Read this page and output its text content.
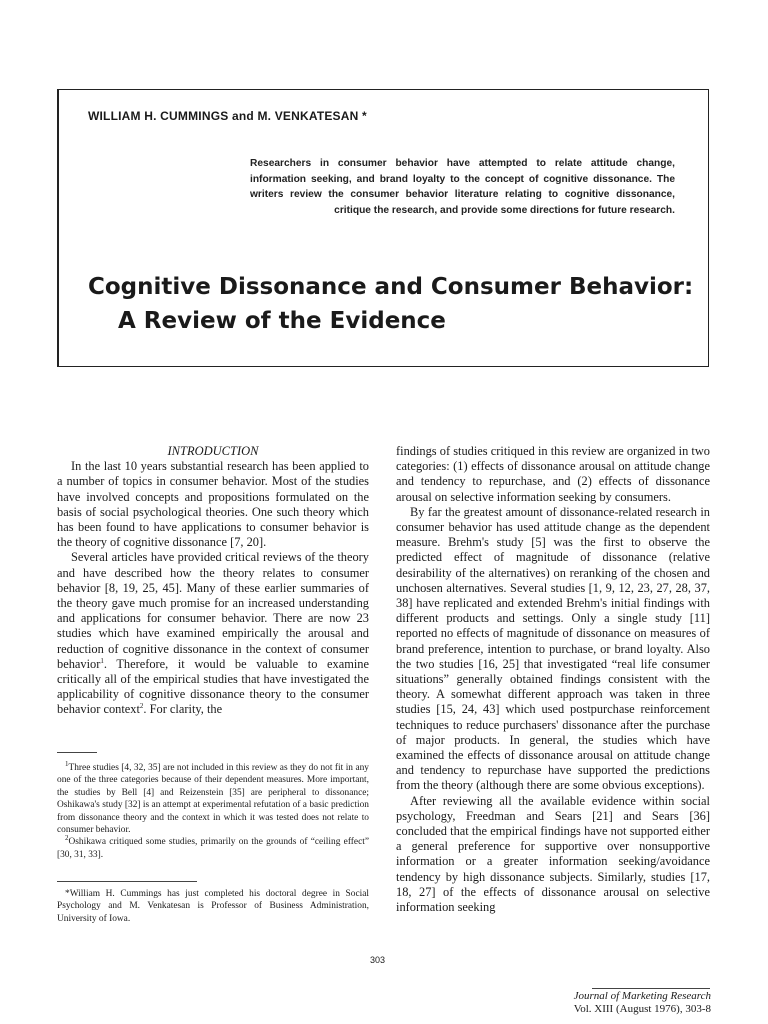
WILLIAM H. CUMMINGS and M. VENKATESAN *
Researchers in consumer behavior have attempted to relate attitude change, information seeking, and brand loyalty to the concept of cognitive dissonance. The writers review the consumer behavior literature relating to cognitive dissonance, critique the research, and provide some directions for future research.
Cognitive Dissonance and Consumer Behavior:
A Review of the Evidence

INTRODUCTION

In the last 10 years substantial research has been applied to a number of topics in consumer behavior. Most of the studies have involved concepts and propositions formulated on the basis of social psychological theories. One such theory which has been found to have applications to consumer behavior is the theory of cognitive dissonance [7, 20].

Several articles have provided critical reviews of the theory and have described how the theory relates to consumer behavior [8, 19, 25, 45]. Many of these earlier summaries of the theory gave much promise for an increased understanding and applications for consumer behavior. There are now 23 studies which have examined empirically the arousal and reduction of cognitive dissonance in the context of consumer behavior$^1$. Therefore, it would be valuable to examine critically all of the empirical studies that have investigated the applicability of cognitive dissonance theory to the consumer behavior context$^2$. For clarity, the

$^1$Three studies [4, 32, 35] are not included in this review as they do not fit in any one of the three categories because of their dependent measures. More important, the studies by Bell [4] and Reizenstein [35] are peripheral to dissonance; Oshikawa's study [32] is an attempt at experimental refutation of a basic prediction from dissonance theory and the context in which it was tested does not relate to consumer behavior.

$^2$Oshikawa critiqued some studies, primarily on the grounds of “ceiling effect” [30, 31, 33].

*William H. Cummings has just completed his doctoral degree in Social Psychology and M. Venkatesan is Professor of Business Administration, University of Iowa.

findings of studies critiqued in this review are organized in two categories: (1) effects of dissonance arousal on attitude change and tendency to repurchase, and (2) effects of dissonance arousal on selective information seeking by consumers.

By far the greatest amount of dissonance-related research in consumer behavior has used attitude change as the dependent measure. Brehm's study [5] was the first to observe the predicted effect of magnitude of dissonance (relative desirability of the alternatives) on reranking of the chosen and unchosen alternatives. Several studies [1, 9, 12, 23, 27, 28, 37, 38] have replicated and extended Brehm's initial findings with different products and settings. Only a single study [11] reported no effects of magnitude of dissonance on measures of brand preference, intention to purchase, or brand loyalty. Also the two studies [16, 25] that investigated “real life consumer situations” generally obtained findings consistent with the theory. A somewhat different approach was taken in three studies [15, 24, 43] which used postpurchase reinforcement techniques to reduce purchasers' dissonance after the purchase of major products. In general, the studies which have examined the effects of dissonance arousal on attitude change and tendency to repurchase have supported the predictions from the theory (although there are some obvious exceptions).

After reviewing all the available evidence within social psychology, Freedman and Sears [21] and Sears [36] concluded that the empirical findings have not supported either a general preference for supportive over nonsupportive information or a greater information seeking/avoidance tendency by high dissonance subjects. Similarly, studies [17, 18, 27] of the effects of dissonance arousal on selective information seeking

303
Journal of Marketing Research
Vol. XIII (August 1976), 303-8
